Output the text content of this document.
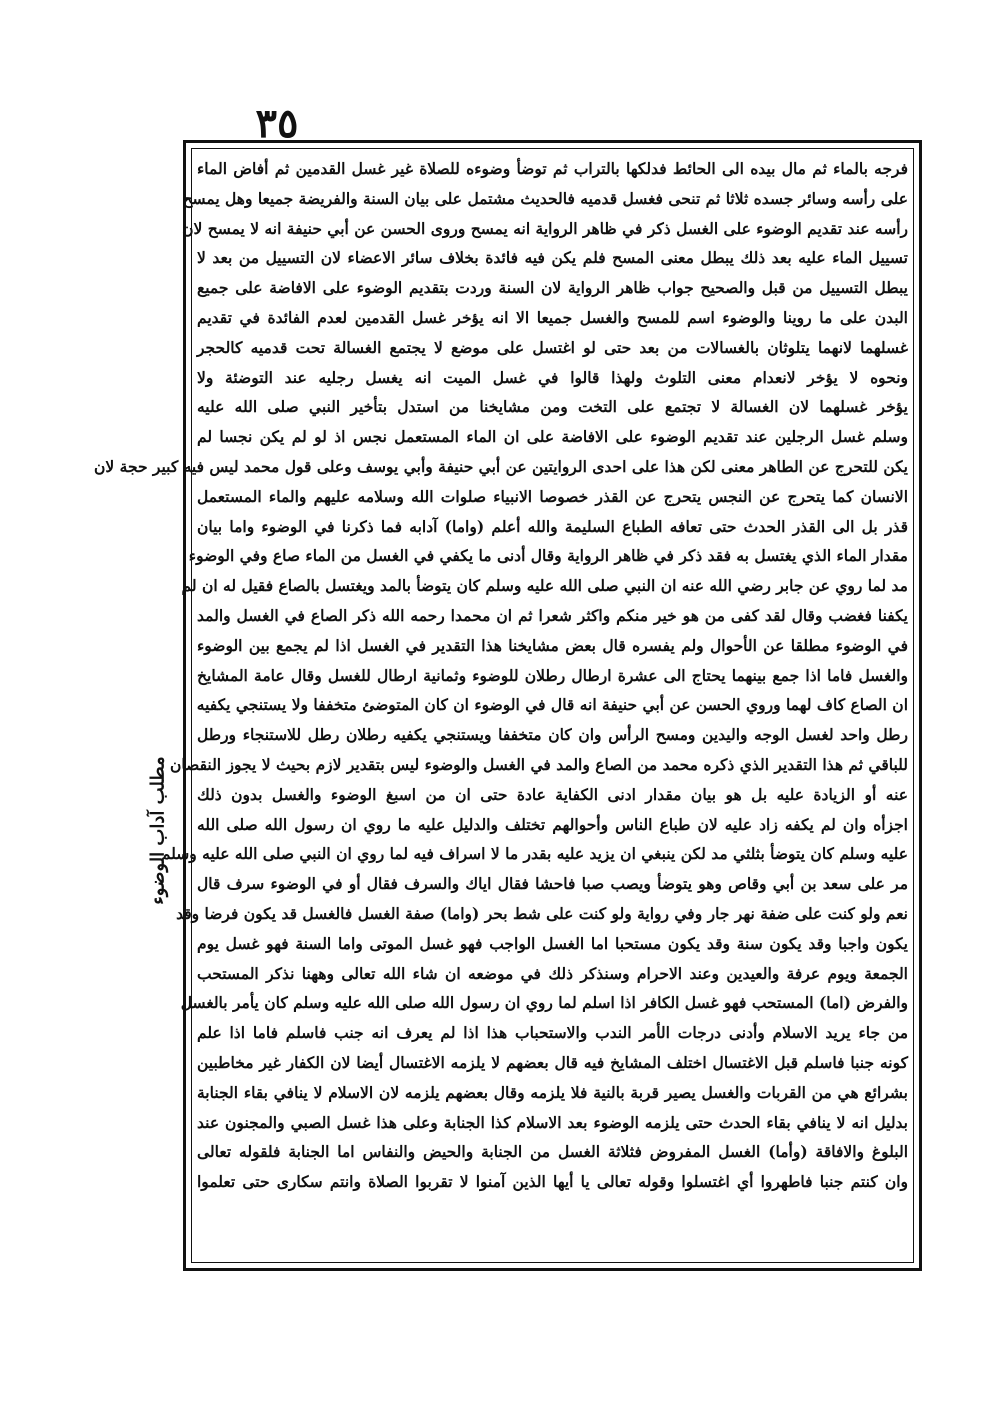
٣٥
مطلب آداب الوضوء
فرجه بالماء ثم مال بيده الى الحائط فدلكها بالتراب ثم توضأ وضوءه للصلاة غير غسل القدمين ثم أفاض الماء
على رأسه وسائر جسده ثلاثا ثم تنحى فغسل قدميه فالحديث مشتمل على بيان السنة والفريضة جميعا وهل يمسح
رأسه عند تقديم الوضوء على الغسل ذكر في ظاهر الرواية انه يمسح وروى الحسن عن أبي حنيفة انه لا يمسح لان
تسييل الماء عليه بعد ذلك يبطل معنى المسح فلم يكن فيه فائدة بخلاف سائر الاعضاء لان التسييل من بعد لا
يبطل التسييل من قبل والصحيح جواب ظاهر الرواية لان السنة وردت بتقديم الوضوء على الافاضة على جميع
البدن على ما روينا والوضوء اسم للمسح والغسل جميعا الا انه يؤخر غسل القدمين لعدم الفائدة في تقديم
غسلهما لانهما يتلوثان بالغسالات من بعد حتى لو اغتسل على موضع لا يجتمع الغسالة تحت قدميه كالحجر
ونحوه لا يؤخر لانعدام معنى التلوث ولهذا قالوا في غسل الميت انه يغسل رجليه عند التوضئة ولا
يؤخر غسلهما لان الغسالة لا تجتمع على التخت ومن مشايخنا من استدل بتأخير النبي صلى الله عليه
وسلم غسل الرجلين عند تقديم الوضوء على الافاضة على ان الماء المستعمل نجس اذ لو لم يكن نجسا لم
يكن للتحرج عن الطاهر معنى لكن هذا على احدى الروايتين عن أبي حنيفة وأبي يوسف وعلى قول محمد ليس فيه كبير حجة لان
الانسان كما يتحرج عن النجس يتحرج عن القذر خصوصا الانبياء صلوات الله وسلامه عليهم والماء المستعمل
قذر بل الى القذر الحدث حتى تعافه الطباع السليمة والله أعلم (واما) آدابه فما ذكرنا في الوضوء واما بيان
مقدار الماء الذي يغتسل به فقد ذكر في ظاهر الرواية وقال أدنى ما يكفي في الغسل من الماء صاع وفي الوضوء
مد لما روي عن جابر رضي الله عنه ان النبي صلى الله عليه وسلم كان يتوضأ بالمد ويغتسل بالصاع فقيل له ان لم
يكفنا فغضب وقال لقد كفى من هو خير منكم واكثر شعرا ثم ان محمدا رحمه الله ذكر الصاع في الغسل والمد
في الوضوء مطلقا عن الأحوال ولم يفسره قال بعض مشايخنا هذا التقدير في الغسل اذا لم يجمع بين الوضوء
والغسل فاما اذا جمع بينهما يحتاج الى عشرة ارطال رطلان للوضوء وثمانية ارطال للغسل وقال عامة المشايخ
ان الصاع كاف لهما وروي الحسن عن أبي حنيفة انه قال في الوضوء ان كان المتوضئ متخففا ولا يستنجي يكفيه
رطل واحد لغسل الوجه واليدين ومسح الرأس وان كان متخففا ويستنجي يكفيه رطلان رطل للاستنجاء ورطل
للباقي ثم هذا التقدير الذي ذكره محمد من الصاع والمد في الغسل والوضوء ليس بتقدير لازم بحيث لا يجوز النقصان
عنه أو الزيادة عليه بل هو بيان مقدار ادنى الكفاية عادة حتى ان من اسبغ الوضوء والغسل بدون ذلك
اجزأه وان لم يكفه زاد عليه لان طباع الناس وأحوالهم تختلف والدليل عليه ما روي ان رسول الله صلى الله
عليه وسلم كان يتوضأ بثلثي مد لكن ينبغي ان يزيد عليه بقدر ما لا اسراف فيه لما روي ان النبي صلى الله عليه وسلم
مر على سعد بن أبي وقاص وهو يتوضأ ويصب صبا فاحشا فقال اياك والسرف فقال أو في الوضوء سرف قال
نعم ولو كنت على ضفة نهر جار وفي رواية ولو كنت على شط بحر (واما) صفة الغسل فالغسل قد يكون فرضا وقد
يكون واجبا وقد يكون سنة وقد يكون مستحبا اما الغسل الواجب فهو غسل الموتى واما السنة فهو غسل يوم
الجمعة ويوم عرفة والعيدين وعند الاحرام وسنذكر ذلك في موضعه ان شاء الله تعالى وههنا نذكر المستحب
والفرض (اما) المستحب فهو غسل الكافر اذا اسلم لما روي ان رسول الله صلى الله عليه وسلم كان يأمر بالغسل
من جاء يريد الاسلام وأدنى درجات الأمر الندب والاستحباب هذا اذا لم يعرف انه جنب فاسلم فاما اذا علم
كونه جنبا فاسلم قبل الاغتسال اختلف المشايخ فيه قال بعضهم لا يلزمه الاغتسال أيضا لان الكفار غير مخاطبين
بشرائع هي من القربات والغسل يصير قربة بالنية فلا يلزمه وقال بعضهم يلزمه لان الاسلام لا ينافي بقاء الجنابة
بدليل انه لا ينافي بقاء الحدث حتى يلزمه الوضوء بعد الاسلام كذا الجنابة وعلى هذا غسل الصبي والمجنون عند
البلوغ والافاقة (وأما) الغسل المفروض فثلاثة الغسل من الجنابة والحيض والنفاس اما الجنابة فلقوله تعالى
وان كنتم جنبا فاطهروا أي اغتسلوا وقوله تعالى يا أيها الذين آمنوا لا تقربوا الصلاة وانتم سكارى حتى تعلموا
